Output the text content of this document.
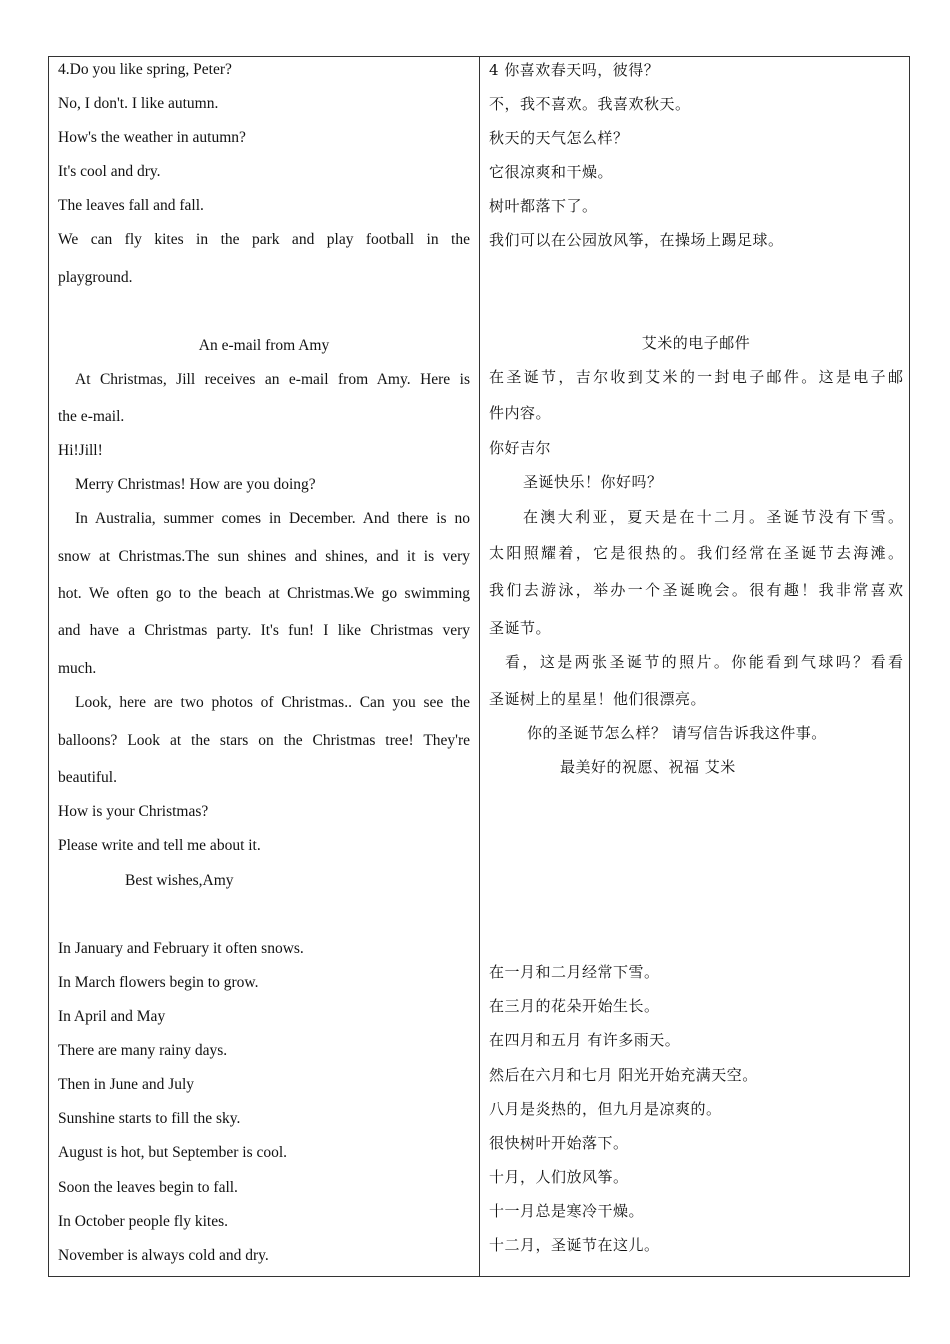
4.Do you like spring, Peter?
No, I don't. I like autumn.
How's the weather in autumn?
It's cool and dry.
The leaves fall and fall.
We can fly kites in the park and play football in the
playground.
An e-mail from Amy
At Christmas, Jill receives an e-mail from Amy. Here is
the e-mail.
Hi!Jill!
Merry Christmas! How are you doing?
In Australia, summer comes in December. And there is no
snow at Christmas.The sun shines and shines, and it is very
hot. We often go to the beach at Christmas.We go swimming
and have a Christmas party. It's fun! I like Christmas very
much.
Look, here are two photos of Christmas.. Can you see the
balloons? Look at the stars on the Christmas tree! They're
beautiful.
How is your Christmas?
Please write and tell me about it.
Best wishes,Amy
In January and February it often snows.
In March flowers begin to grow.
In April and May
There are many rainy days.
Then in June and July
Sunshine starts to fill the sky.
August is hot, but September is cool.
Soon the leaves begin to fall.
In October people fly kites.
November is always cold and dry.
4 你喜欢春天吗，彼得？
不，我不喜欢。我喜欢秋天。
秋天的天气怎么样？
它很凉爽和干燥。
树叶都落下了。
我们可以在公园放风筝，在操场上踢足球。
艾米的电子邮件
在圣诞节，吉尔收到艾米的一封电子邮件。这是电子邮
件内容。
你好吉尔
圣诞快乐！你好吗？
在澳大利亚，夏天是在十二月。圣诞节没有下雪。
太阳照耀着，它是很热的。我们经常在圣诞节去海滩。
我们去游泳，举办一个圣诞晚会。很有趣！我非常喜欢
圣诞节。
看，这是两张圣诞节的照片。你能看到气球吗？看看
圣诞树上的星星！他们很漂亮。
你的圣诞节怎么样？ 请写信告诉我这件事。
最美好的祝愿、祝福 艾米
在一月和二月经常下雪。
在三月的花朵开始生长。
在四月和五月 有许多雨天。
然后在六月和七月 阳光开始充满天空。
八月是炎热的，但九月是凉爽的。
很快树叶开始落下。
十月，人们放风筝。
十一月总是寒冷干燥。
十二月，圣诞节在这儿。
